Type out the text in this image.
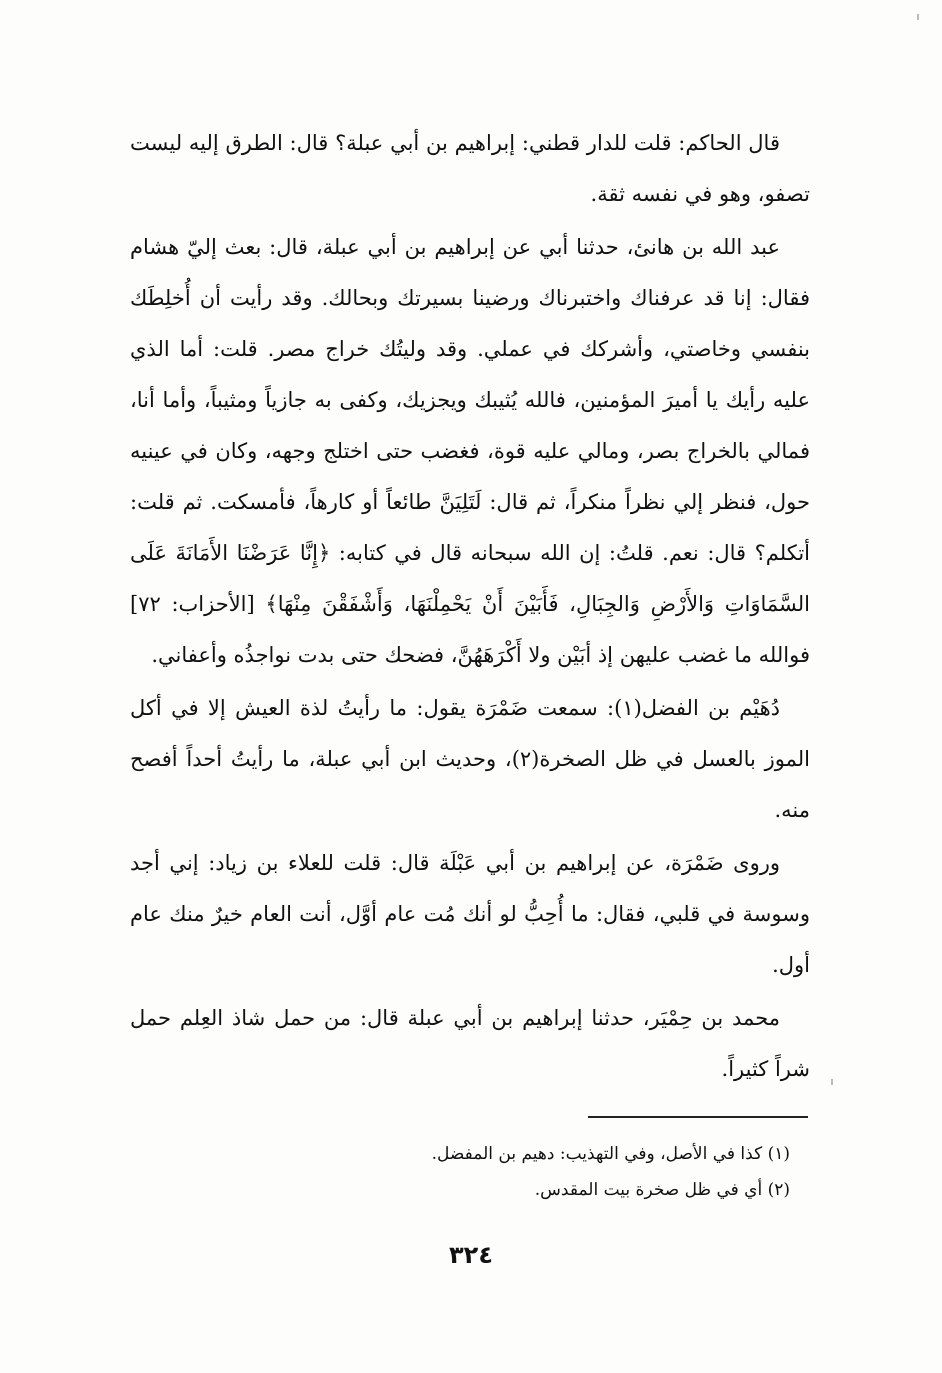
قال الحاكم: قلت للدار قطني: إبراهيم بن أبي عبلة؟ قال: الطرق إليه ليست تصفو، وهو في نفسه ثقة.

عبد الله بن هانئ، حدثنا أبي عن إبراهيم بن أبي عبلة، قال: بعث إليّ هشام فقال: إنا قد عرفناك واختبرناك ورضينا بسيرتك وبحالك. وقد رأيت أن أُخلِطَك بنفسي وخاصتي، وأشركك في عملي. وقد وليتُك خراج مصر. قلت: أما الذي عليه رأيك يا أميرَ المؤمنين، فالله يُثيبك ويجزيك، وكفى به جازياً ومثيباً، وأما أنا، فمالي بالخراج بصر، ومالي عليه قوة، فغضب حتى اختلج وجهه، وكان في عينيه حول، فنظر إلي نظراً منكراً، ثم قال: لَتَلِيَنَّ طائعاً أو كارهاً، فأمسكت. ثم قلت: أتكلم؟ قال: نعم. قلتُ: إن الله سبحانه قال في كتابه: ﴿إِنَّا عَرَضْنَا الأَمَانَةَ عَلَى السَّمَاوَاتِ وَالأَرْضِ وَالجِبَالِ، فَأَبَيْنَ أَنْ يَحْمِلْنَهَا، وَأَشْفَقْنَ مِنْهَا﴾ [الأحزاب: ٧٢] فوالله ما غضب عليهن إذ أبَيْن ولا أَكْرَهَهُنَّ، فضحك حتى بدت نواجذُه وأعفاني.

دُهَيْم بن الفضل(١): سمعت ضَمْرَة يقول: ما رأيتُ لذة العيش إلا في أكل الموز بالعسل في ظل الصخرة(٢)، وحديث ابن أبي عبلة، ما رأيتُ أحداً أفصح منه.

وروى ضَمْرَة، عن إبراهيم بن أبي عَبْلَة قال: قلت للعلاء بن زياد: إني أجد وسوسة في قلبي، فقال: ما أُحِبُّ لو أنك مُت عام أوَّل، أنت العام خيرٌ منك عام أول.

محمد بن حِمْيَر، حدثنا إبراهيم بن أبي عبلة قال: من حمل شاذ العِلم حمل شراً كثيراً.

(١) كذا في الأصل، وفي التهذيب: دهيم بن المفضل.

(٢) أي في ظل صخرة بيت المقدس.

٣٢٤
